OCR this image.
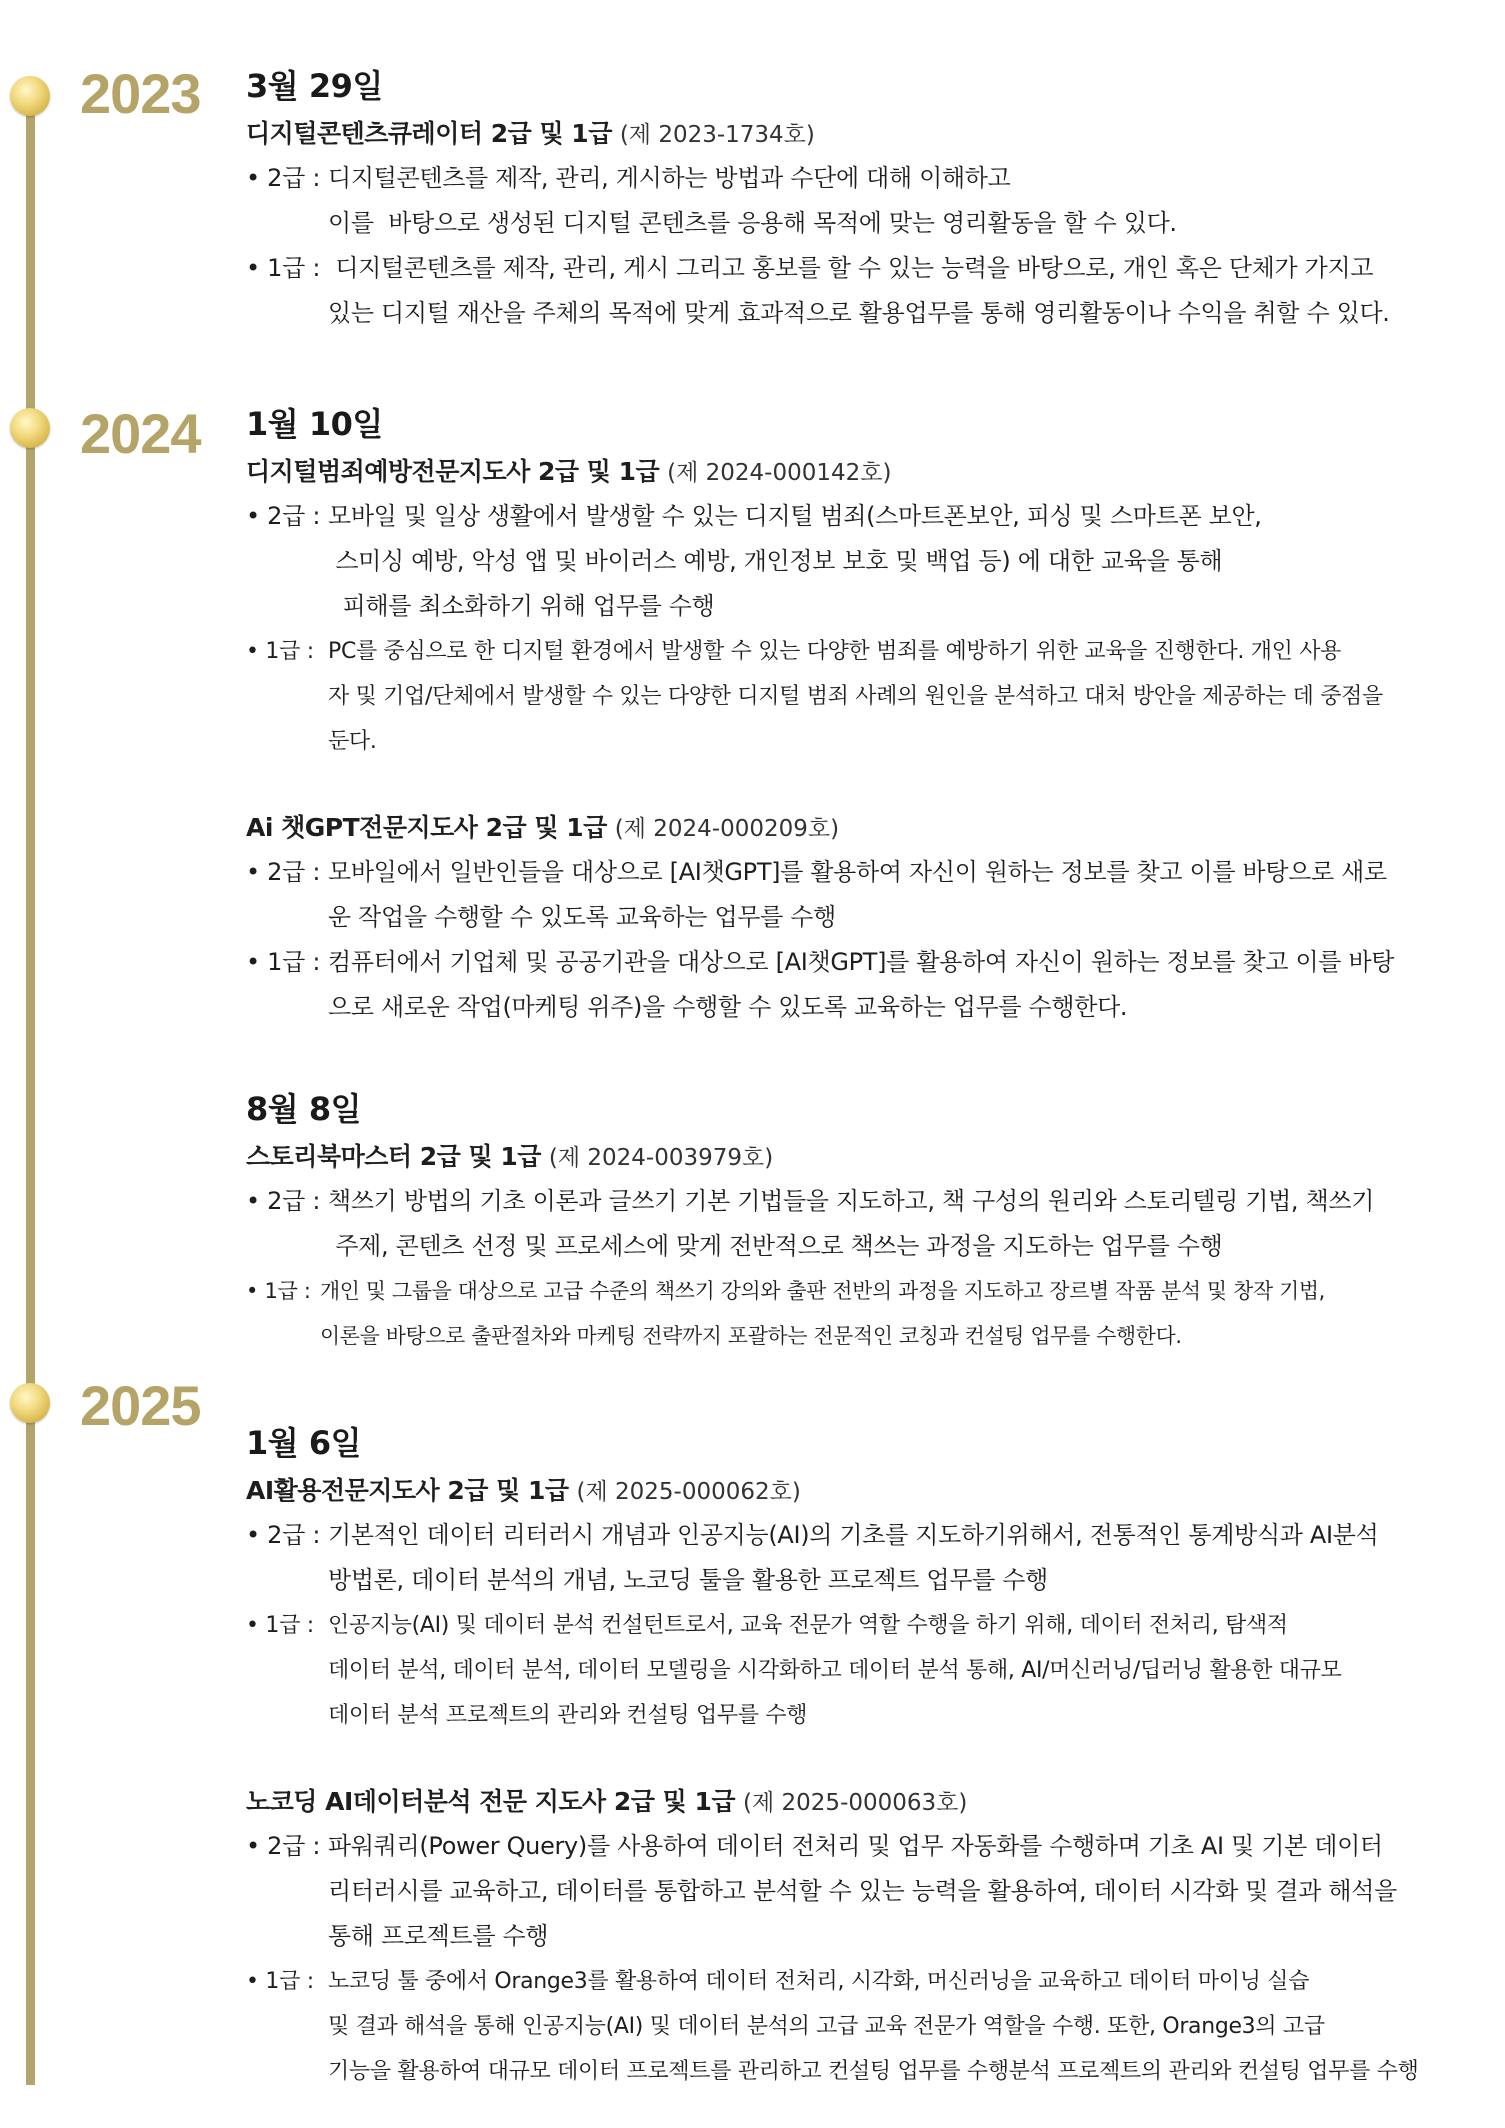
2023
2024
2025
3월 29일
디지털콘텐츠큐레이터 2급 및 1급 (제 2023-1734호)
• 2급 : 디지털콘텐츠를 제작, 관리, 게시하는 방법과 수단에 대해 이해하고
이를  바탕으로 생성된 디지털 콘텐츠를 응용해 목적에 맞는 영리활동을 할 수 있다.
• 1급 : 디지털콘텐츠를 제작, 관리, 게시 그리고 홍보를 할 수 있는 능력을 바탕으로, 개인 혹은 단체가 가지고
있는 디지털 재산을 주체의 목적에 맞게 효과적으로 활용업무를 통해 영리활동이나 수익을 취할 수 있다.
1월 10일
디지털범죄예방전문지도사 2급 및 1급 (제 2024-000142호)
• 2급 : 모바일 및 일상 생활에서 발생할 수 있는 디지털 범죄(스마트폰보안, 피싱 및 스마트폰 보안,
스미싱 예방, 악성 앱 및 바이러스 예방, 개인정보 보호 및 백업 등) 에 대한 교육을 통해
피해를 최소화하기 위해 업무를 수행
• 1급 : PC를 중심으로 한 디지털 환경에서 발생할 수 있는 다양한 범죄를 예방하기 위한 교육을 진행한다. 개인 사용
자 및 기업/단체에서 발생할 수 있는 다양한 디지털 범죄 사례의 원인을 분석하고 대처 방안을 제공하는 데 중점을
둔다.
Ai 챗GPT전문지도사 2급 및 1급 (제 2024-000209호)
• 2급 : 모바일에서 일반인들을 대상으로 [AI챗GPT]를 활용하여 자신이 원하는 정보를 찾고 이를 바탕으로 새로
운 작업을 수행할 수 있도록 교육하는 업무를 수행
• 1급 : 컴퓨터에서 기업체 및 공공기관을 대상으로 [AI챗GPT]를 활용하여 자신이 원하는 정보를 찾고 이를 바탕
으로 새로운 작업(마케팅 위주)을 수행할 수 있도록 교육하는 업무를 수행한다.
8월 8일
스토리북마스터 2급 및 1급 (제 2024-003979호)
• 2급 : 책쓰기 방법의 기초 이론과 글쓰기 기본 기법들을 지도하고, 책 구성의 원리와 스토리텔링 기법, 책쓰기
주제, 콘텐츠 선정 및 프로세스에 맞게 전반적으로 책쓰는 과정을 지도하는 업무를 수행
• 1급 : 개인 및 그룹을 대상으로 고급 수준의 책쓰기 강의와 출판 전반의 과정을 지도하고 장르별 작품 분석 및 창작 기법,
이론을 바탕으로 출판절차와 마케팅 전략까지 포괄하는 전문적인 코칭과 컨설팅 업무를 수행한다.
1월 6일
AI활용전문지도사 2급 및 1급 (제 2025-000062호)
• 2급 : 기본적인 데이터 리터러시 개념과 인공지능(AI)의 기초를 지도하기위해서, 전통적인 통계방식과 AI분석
방법론, 데이터 분석의 개념, 노코딩 툴을 활용한 프로젝트 업무를 수행
• 1급 : 인공지능(AI) 및 데이터 분석 컨설턴트로서, 교육 전문가 역할 수행을 하기 위해, 데이터 전처리, 탐색적
데이터 분석, 데이터 분석, 데이터 모델링을 시각화하고 데이터 분석 통해, AI/머신러닝/딥러닝 활용한 대규모
데이터 분석 프로젝트의 관리와 컨설팅 업무를 수행
노코딩 AI데이터분석 전문 지도사 2급 및 1급 (제 2025-000063호)
• 2급 : 파워쿼리(Power Query)를 사용하여 데이터 전처리 및 업무 자동화를 수행하며 기초 AI 및 기본 데이터
리터러시를 교육하고, 데이터를 통합하고 분석할 수 있는 능력을 활용하여, 데이터 시각화 및 결과 해석을
통해 프로젝트를 수행
• 1급 : 노코딩 툴 중에서 Orange3를 활용하여 데이터 전처리, 시각화, 머신러닝을 교육하고 데이터 마이닝 실습
및 결과 해석을 통해 인공지능(AI) 및 데이터 분석의 고급 교육 전문가 역할을 수행. 또한, Orange3의 고급
기능을 활용하여 대규모 데이터 프로젝트를 관리하고 컨설팅 업무를 수행분석 프로젝트의 관리와 컨설팅 업무를 수행
